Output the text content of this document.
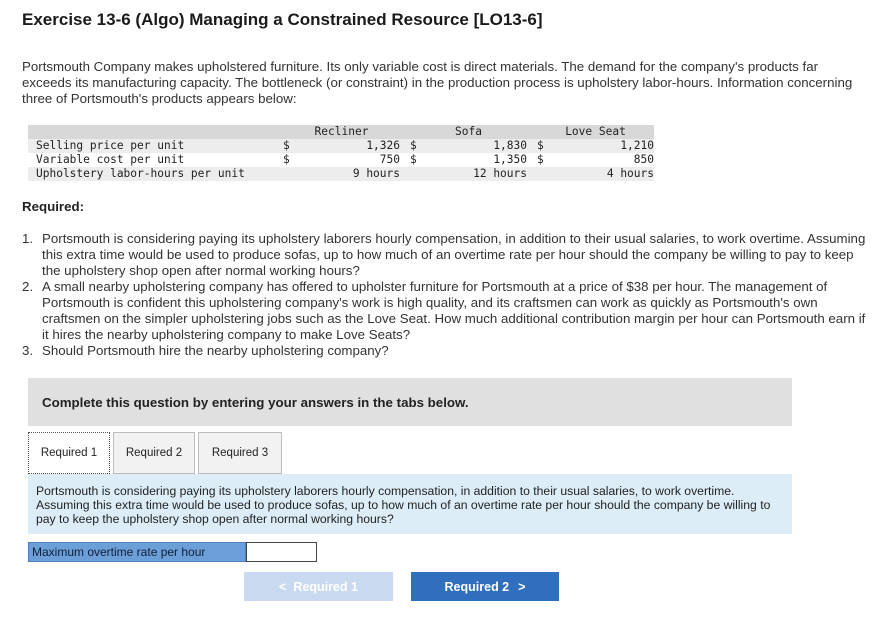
Exercise 13-6 (Algo) Managing a Constrained Resource [LO13-6]

Portsmouth Company makes upholstered furniture. Its only variable cost is direct materials. The demand for the company's products far exceeds its manufacturing capacity. The bottleneck (or constraint) in the production process is upholstery labor-hours. Information concerning three of Portsmouth's products appears below:

	Recliner		Sofa		Love Seat
Selling price per unit	$ 1,326		$ 1,830		$ 1,210

Variable cost per unit	$ 750		$ 1,350		$ 850

Upholstery labor-hours per unit	9 hours		12 hours		4 hours
Required:
1. Portsmouth is considering paying its upholstery laborers hourly compensation, in addition to their usual salaries, to work overtime. Assuming this extra time would be used to produce sofas, up to how much of an overtime rate per hour should the company be willing to pay to keep the upholstery shop open after normal working hours?
2. A small nearby upholstering company has offered to upholster furniture for Portsmouth at a price of $38 per hour. The management of Portsmouth is confident this upholstering company's work is high quality, and its craftsmen can work as quickly as Portsmouth's own craftsmen on the simpler upholstering jobs such as the Love Seat. How much additional contribution margin per hour can Portsmouth earn if it hires the nearby upholstering company to make Love Seats?
3. Should Portsmouth hire the nearby upholstering company?
Complete this question by entering your answers in the tabs below.
Required 1	Required 2	Required 3
Portsmouth is considering paying its upholstery laborers hourly compensation, in addition to their usual salaries, to work overtime. Assuming this extra time would be used to produce sofas, up to how much of an overtime rate per hour should the company be willing to pay to keep the upholstery shop open after normal working hours?
Maximum overtime rate per hour
< Required 1	Required 2 >
